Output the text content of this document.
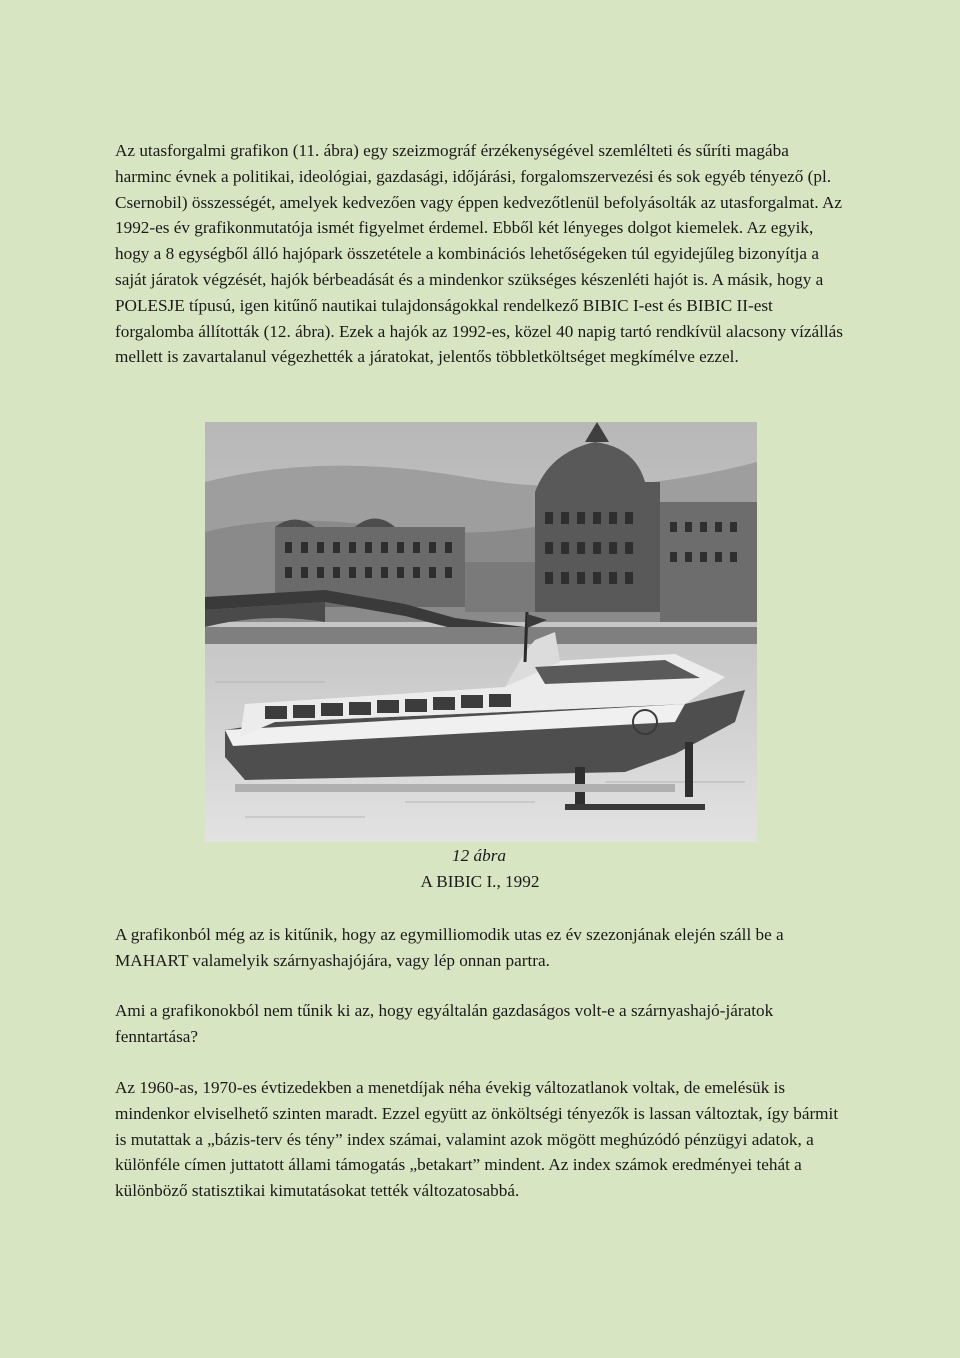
Az utasforgalmi grafikon (11. ábra) egy szeizmográf érzékenységével szemlélteti és sűríti magába harminc évnek a politikai, ideológiai, gazdasági, időjárási, forgalomszervezési és sok egyéb tényező (pl. Csernobil) összességét, amelyek kedvezően vagy éppen kedvezőtlenül befolyásolták az utasforgalmat. Az 1992-es év grafikonmutatója ismét figyelmet érdemel. Ebből két lényeges dolgot kiemelek. Az egyik, hogy a 8 egységből álló hajópark összetétele a kombinációs lehetőségeken túl egyidejűleg bizonyítja a saját járatok végzését, hajók bérbeadását és a mindenkor szükséges készenléti hajót is. A másik, hogy a POLESJE típusú, igen kitűnő nautikai tulajdonságokkal rendelkező BIBIC I-est és BIBIC II-est forgalomba állították (12. ábra). Ezek a hajók az 1992-es, közel 40 napig tartó rendkívül alacsony vízállás mellett is zavartalanul végezhették a járatokat, jelentős többletköltséget megkímélve ezzel.

12 ábra
A BIBIC I., 1992

A grafikonból még az is kitűnik, hogy az egymilliomodik utas ez év szezonjának elején száll be a MAHART valamelyik szárnyashajójára, vagy lép onnan partra.

Ami a grafikonokból nem tűnik ki az, hogy egyáltalán gazdaságos volt-e a szárnyashajó-járatok fenntartása?

Az 1960-as, 1970-es évtizedekben a menetdíjak néha évekig változatlanok voltak, de emelésük is mindenkor elviselhető szinten maradt. Ezzel együtt az önköltségi tényezők is lassan változtak, így bármit is mutattak a „bázis-terv és tény” index számai, valamint azok mögött meghúzódó pénzügyi adatok, a különféle címen juttatott állami támogatás „betakart” mindent. Az index számok eredményei tehát a különböző statisztikai kimutatásokat tették változatosabbá.
